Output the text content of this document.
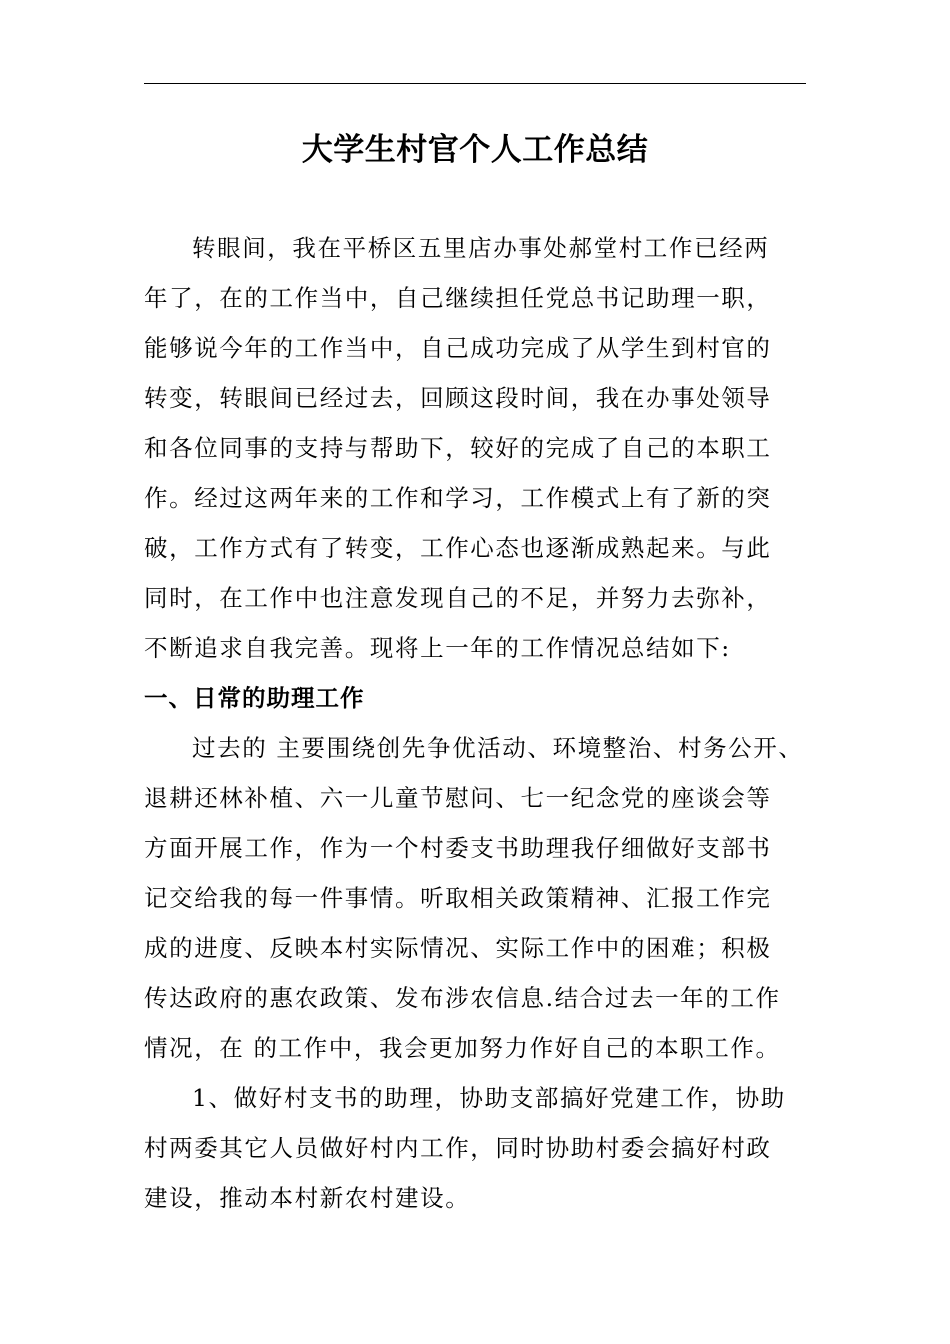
大学生村官个人工作总结

转眼间，我在平桥区五里店办事处郝堂村工作已经两

年了，在的工作当中，自己继续担任党总书记助理一职，

能够说今年的工作当中，自己成功完成了从学生到村官的

转变，转眼间已经过去，回顾这段时间，我在办事处领导

和各位同事的支持与帮助下，较好的完成了自己的本职工

作。经过这两年来的工作和学习，工作模式上有了新的突

破，工作方式有了转变，工作心态也逐渐成熟起来。与此

同时，在工作中也注意发现自己的不足，并努力去弥补，

不断追求自我完善。现将上一年的工作情况总结如下:

一、日常的助理工作

过去的 主要围绕创先争优活动、环境整治、村务公开、

退耕还林补植、六一儿童节慰问、七一纪念党的座谈会等

方面开展工作，作为一个村委支书助理我仔细做好支部书

记交给我的每一件事情。听取相关政策精神、汇报工作完

成的进度、反映本村实际情况、实际工作中的困难；积极

传达政府的惠农政策、发布涉农信息.结合过去一年的工作

情况，在 的工作中，我会更加努力作好自己的本职工作。

1、做好村支书的助理，协助支部搞好党建工作，协助

村两委其它人员做好村内工作，同时协助村委会搞好村政

建设，推动本村新农村建设。
